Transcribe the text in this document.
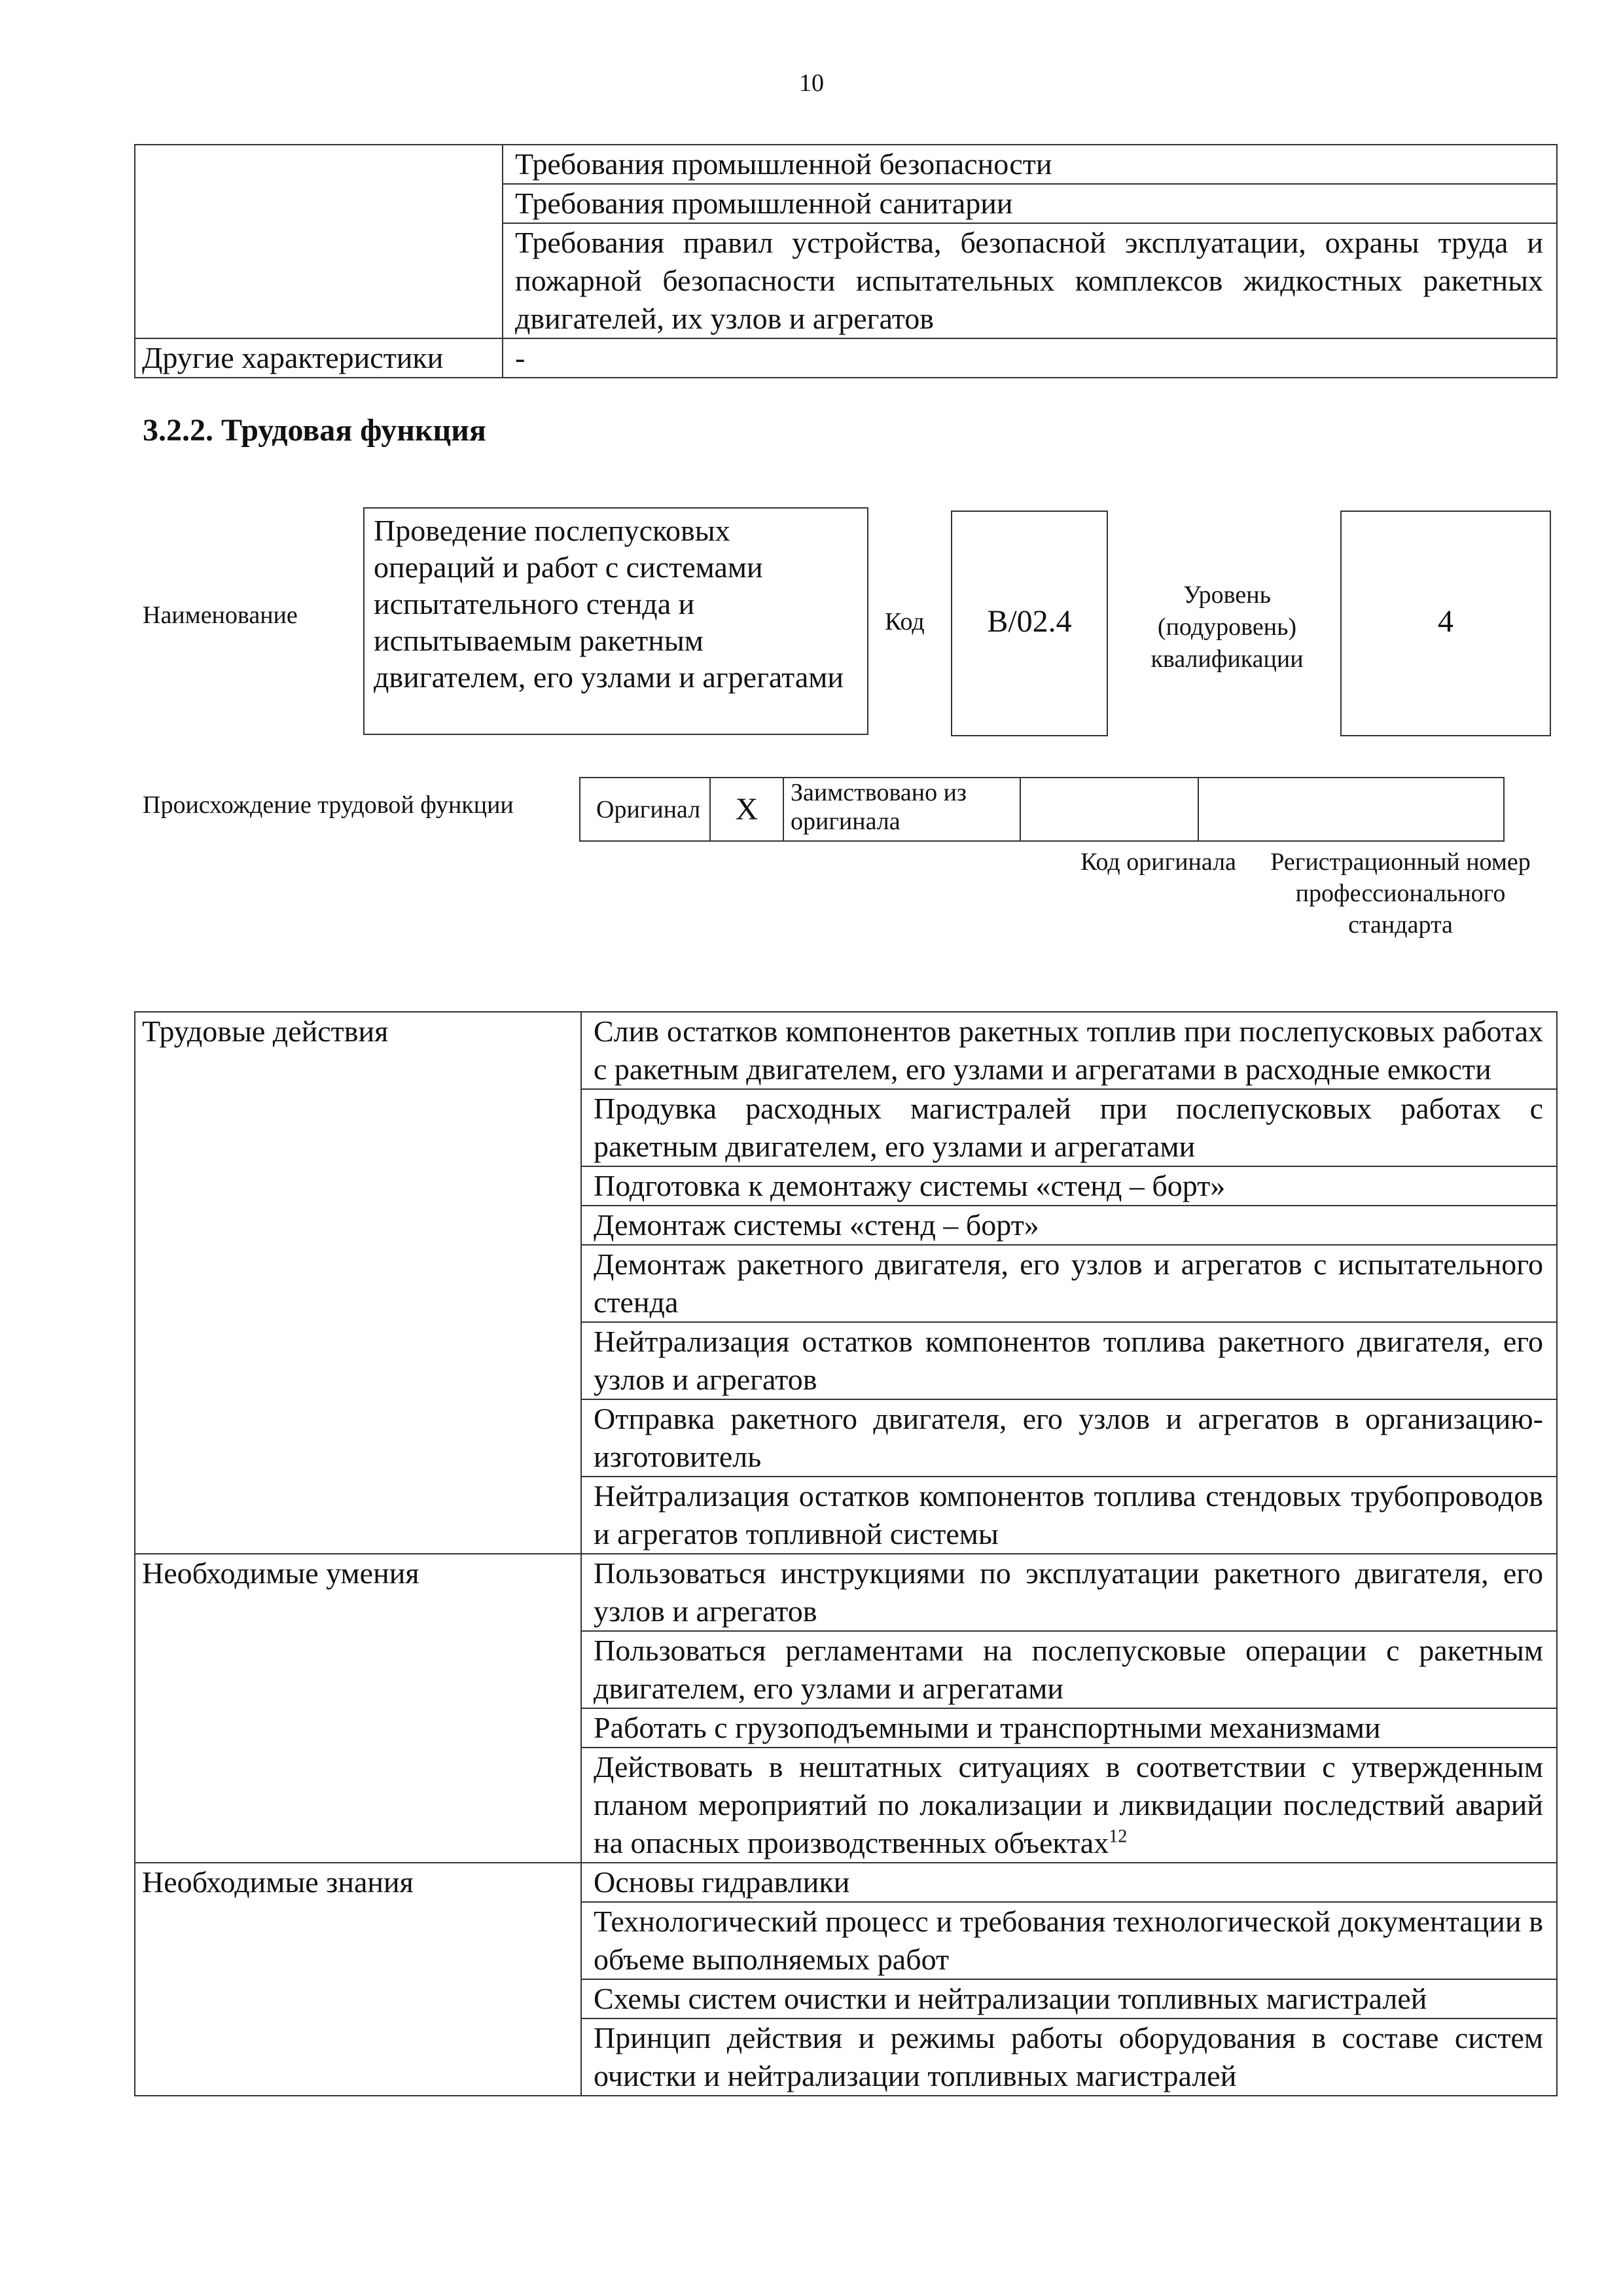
10
	Требования промышленной безопасности
	Требования промышленной санитарии
	Требования правил устройства, безопасной эксплуатации, охраны труда и пожарной безопасности испытательных комплексов жидкостных ракетных двигателей, их узлов и агрегатов
Другие характеристики	-
3.2.2. Трудовая функция
Наименование
Проведение послепусковых операций и работ с системами испытательного стенда и испытываемым ракетным двигателем, его узлами и агрегатами
Код	B/02.4
Уровень (подуровень) квалификации
4
Происхождение трудовой функции	Оригинал	X	Заимствовано из оригинала		
Код оригинала Регистрационный номер профессионального стандарта
Трудовые действия	Слив остатков компонентов ракетных топлив при послепусковых работах с ракетным двигателем, его узлами и агрегатами в расходные емкости
	Продувка расходных магистралей при послепусковых работах с ракетным двигателем, его узлами и агрегатами
	Подготовка к демонтажу системы «стенд – борт»
	Демонтаж системы «стенд – борт»
	Демонтаж ракетного двигателя, его узлов и агрегатов с испытательного стенда
	Нейтрализация остатков компонентов топлива ракетного двигателя, его узлов и агрегатов
	Отправка ракетного двигателя, его узлов и агрегатов в организацию-изготовитель
	Нейтрализация остатков компонентов топлива стендовых трубопроводов и агрегатов топливной системы
Необходимые умения	Пользоваться инструкциями по эксплуатации ракетного двигателя, его узлов и агрегатов
	Пользоваться регламентами на послепусковые операции с ракетным двигателем, его узлами и агрегатами
	Работать с грузоподъемными и транспортными механизмами
	Действовать в нештатных ситуациях в соответствии с утвержденным планом мероприятий по локализации и ликвидации последствий аварий на опасных производственных объектах$^{12}$
Необходимые знания	Основы гидравлики
	Технологический процесс и требования технологической документации в объеме выполняемых работ
	Схемы систем очистки и нейтрализации топливных магистралей
	Принцип действия и режимы работы оборудования в составе систем очистки и нейтрализации топливных магистралей
